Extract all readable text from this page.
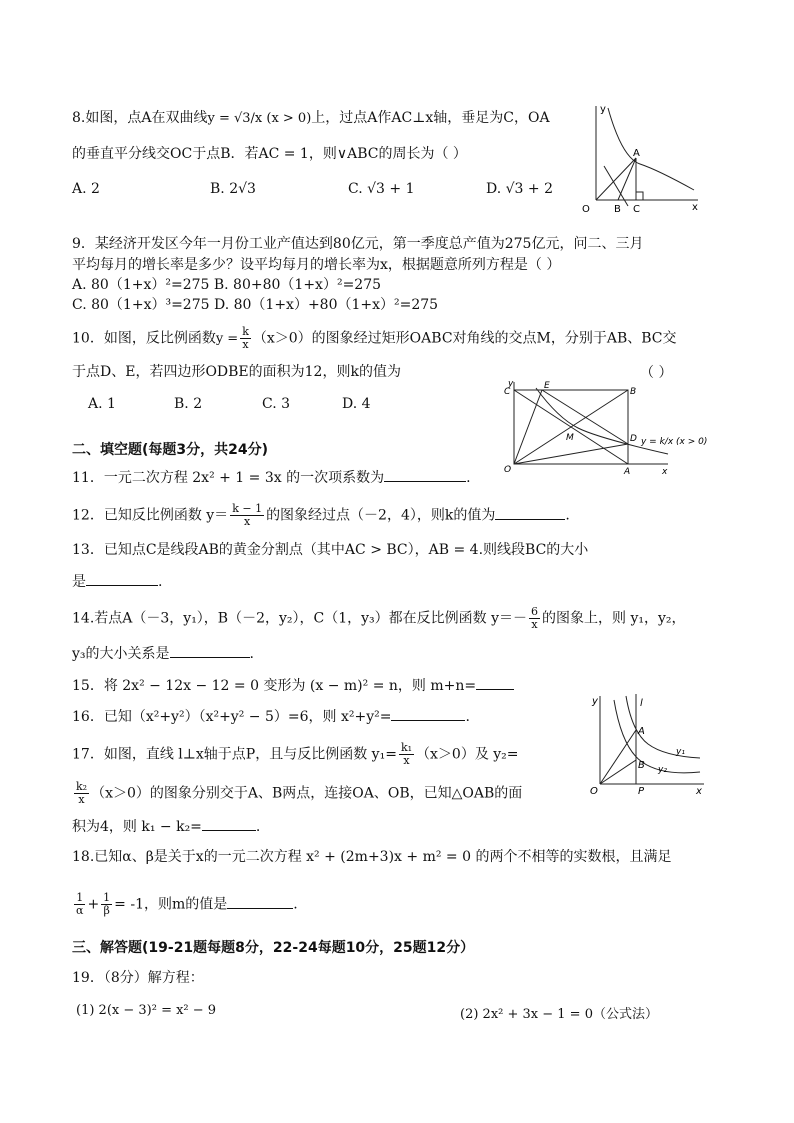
8.如图，点A在双曲线y = √3/x (x > 0)上，过点A作AC⊥x轴，垂足为C，OA
的垂直平分线交OC于点B．若AC = 1，则∨ABC的周长为（ ）
A. 2	B. 2√3	C. √3 + 1	D. √3 + 2
y
x
O
A
B C
9．某经济开发区今年一月份工业产值达到80亿元，第一季度总产值为275亿元，问二、三月
平均每月的增长率是多少？设平均每月的增长率为x，根据题意所列方程是（ ）
A. 80（1+x）²=275 B. 80+80（1+x）²=275
C. 80（1+x）³=275 D. 80（1+x）+80（1+x）²=275
10．如图，反比例函数$y = \frac{k}{x} (x>0)$的图象经过矩形OABC对角线的交点M，分别于AB、BC交
于点D、E，若四边形ODBE的面积为12，则k的值为	（ ）
A. 1	B. 2	C. 3	D. 4
y
x
O
C	B
E
M	D
A
y = k/x (x > 0)
二、填空题(每题3分，共24分)
11．一元二次方程 2x² + 1 = 3x 的一次项系数为	.
12．已知反比例函数 $y= \frac{k - 1}{x}$ 的图象经过点（－2，4），则k的值为	.
13．已知点C是线段AB的黄金分割点（其中AC > BC），AB = 4.则线段BC的大小
是	.
14.若点A（－3，y₁），B（－2，y₂），C（1，y₃）都在反比例函数 $y=- \frac{6}{x}$ 的图象上，则 y₁，y₂，
y₃的大小关系是	.
15．将 2x² − 12x − 12 = 0 变形为 (x − m)² = n，则 m+n=
16．已知（x²+y²）（x²+y² − 5）=6，则 x²+y²=	.
y
x
O
l
A
B
P
y₁
y₂
17．如图，直线 l⊥x轴于点P，且与反比例函数 $y_1= \frac{\text{k₁}}{x} (x>0)$及 y₂=
$\frac{\text{k₂}}{x} (x>0)$的图象分别交于A、B两点，连接OA、OB，已知△OAB的面
积为4，则 k₁ − k₂=	.
18.已知α、β是关于x的一元二次方程 x² + (2m+3)x + m² = 0 的两个不相等的实数根，且满足
$\frac{1}{\alpha} + \frac{1}{\beta} = -1$，则m的值是	.
三、解答题(19-21题每题8分，22-24每题10分，25题12分）
19．（8分）解方程：
(1) 2(x − 3)² = x² − 9	(2) 2x² + 3x − 1 = 0（公式法）
